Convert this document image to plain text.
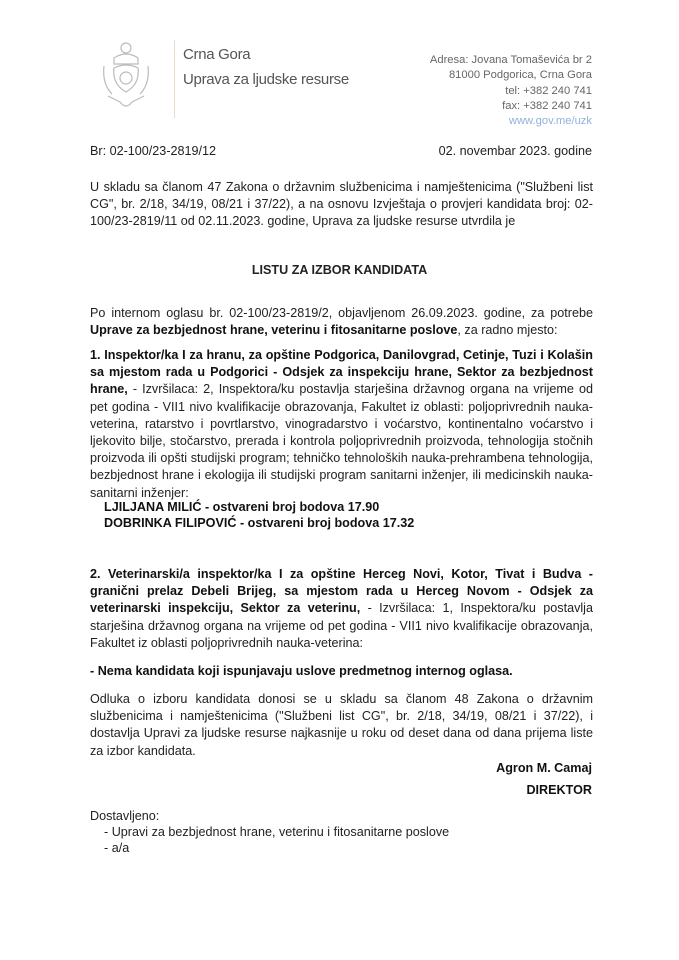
Crna Gora
Uprava za ljudske resurse
Adresa: Jovana Tomaševića br 2
81000 Podgorica, Crna Gora
tel: +382 240 741
fax: +382 240 741
www.gov.me/uzk
Br: 02-100/23-2819/12	02. novembar 2023. godine
U skladu sa članom 47 Zakona o državnim službenicima i namještenicima ("Službeni list CG", br. 2/18, 34/19, 08/21 i 37/22), a na osnovu Izvještaja o provjeri kandidata broj: 02-100/23-2819/11 od 02.11.2023. godine, Uprava za ljudske resurse utvrdila je
LISTU ZA IZBOR KANDIDATA
Po internom oglasu br. 02-100/23-2819/2, objavljenom 26.09.2023. godine, za potrebe Uprave za bezbjednost hrane, veterinu i fitosanitarne poslove, za radno mjesto:
1. Inspektor/ka I za hranu, za opštine Podgorica, Danilovgrad, Cetinje, Tuzi i Kolašin sa mjestom rada u Podgorici - Odsjek za inspekciju hrane, Sektor za bezbjednost hrane, - Izvršilaca: 2, Inspektora/ku postavlja starješina državnog organa na vrijeme od pet godina - VII1 nivo kvalifikacije obrazovanja, Fakultet iz oblasti: poljoprivrednih nauka-veterina, ratarstvo i povrtlarstvo, vinogradarstvo i voćarstvo, kontinentalno voćarstvo i ljekovito bilje, stočarstvo, prerada i kontrola poljoprivrednih proizvoda, tehnologija stočnih proizvoda ili opšti studijski program; tehničko tehnoloških nauka-prehrambena tehnologija, bezbjednost hrane i ekologija ili studijski program sanitarni inženjer, ili medicinskih nauka-sanitarni inženjer:
LJILJANA MILIĆ - ostvareni broj bodova 17.90
DOBRINKA FILIPOVIĆ - ostvareni broj bodova 17.32
2. Veterinarski/a inspektor/ka I za opštine Herceg Novi, Kotor, Tivat i Budva - granični prelaz Debeli Brijeg, sa mjestom rada u Herceg Novom - Odsjek za veterinarski inspekciju, Sektor za veterinu, - Izvršilaca: 1, Inspektora/ku postavlja starješina državnog organa na vrijeme od pet godina - VII1 nivo kvalifikacije obrazovanja, Fakultet iz oblasti poljoprivrednih nauka-veterina:
- Nema kandidata koji ispunjavaju uslove predmetnog internog oglasa.
Odluka o izboru kandidata donosi se u skladu sa članom 48 Zakona o državnim službenicima i namještenicima ("Službeni list CG", br. 2/18, 34/19, 08/21 i 37/22), i dostavlja Upravi za ljudske resurse najkasnije u roku od deset dana od dana prijema liste za izbor kandidata.
Agron M. Camaj
DIREKTOR
Dostavljeno:
- Upravi za bezbjednost hrane, veterinu i fitosanitarne poslove
- a/a
